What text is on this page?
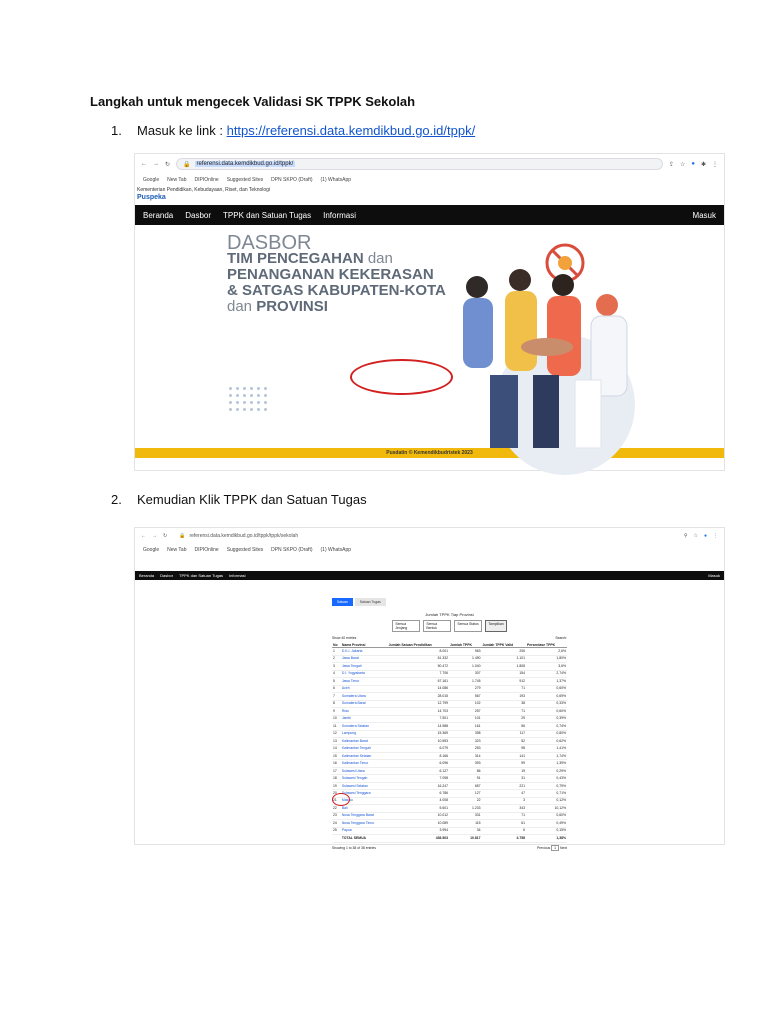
Langkah untuk mengecek Validasi SK TPPK Sekolah
1. Masuk ke link : https://referensi.data.kemdikbud.go.id/tppk/
← → ↻ 🔒	referensi.data.kemdikbud.go.id/tppk/	⇪ ☆ ● ✱ ⋮
Google New Tab DIPIOnline Suggested Sites DPN SKPO (Draft) (1) WhatsApp
Kementerian Pendidikan, Kebudayaan, Riset, dan Teknologi
Puspeka
Beranda Dasbor TPPK dan Satuan Tugas Informasi	Masuk
DASBOR
TIM PENCEGAHAN dan
PENANGANAN KEKERASAN
& SATGAS KABUPATEN-KOTA
dan PROVINSI
Pusdatin © Kemendikbudristek 2023
2. Kemudian Klik TPPK dan Satuan Tugas
← → ↻ 🔒 referensi.data.kemdikbud.go.id/tppk/tppk/sekolah	⚲ ☆ ● ⋮
Google New Tab DIPIOnline Suggested Sites DPN SKPO (Draft) (1) WhatsApp
Beranda Dasbor TPPK dan Satuan Tugas Informasi	Masuk
Satuan	Satuan Tugas
Jumlah TPPK Tiap Provinsi
Semua Jenjang
Semua Bentuk
Semua Status	Tampilkan
Show 40 entries	Search:
No	Nama Provinsi	Jumlah Satuan Pendidikan	Jumlah TPPK	Jumlah TPPK Valid	Persentase TPPK
1	D.K.I. Jakarta	8.001	963	206	2,6%
2	Jawa Barat	61.332	1.490	1.101	1,80%
3	Jawa Tengah	50.472	1.040	1.808	3,6%
4	D.I. Yogyakarta	7.706	307	154	2,74%
5	Jawa Timur	67.161	1.745	912	1,37%
6	Aceh	14.086	279	71	0,60%
7	Sumatera Utara	28.015	567	193	0,69%
8	Sumatera Barat	12.799	102	38	0,33%
9	Riau	14.703	257	71	0,60%
10	Jambi	7.501	101	29	0,39%
11	Sumatera Selatan	14.988	161	56	0,74%
12	Lampung	15.369	398	117	0,80%
13	Kalimantan Barat	10.553	323	52	0,62%
14	Kalimantan Tengah	6.079	253	98	1,41%
15	Kalimantan Selatan	8.166	314	141	1,74%
16	Kalimantan Timur	6.096	393	99	1,39%
17	Sulawesi Utara	6.127	86	19	0,29%
18	Sulawesi Tengah	7.098	91	31	0,43%
19	Sulawesi Selatan	16.247	657	221	0,79%
20	Sulawesi Tenggara	6.786	127	47	0,71%
21	Maluku	4.008	22	3	0,12%
22	Bali	5.601	1.233	343	10,12%
23	Nusa Tenggara Barat	10.012	331	71	0,60%
24	Nusa Tenggara Timur	10.089	115	61	0,49%
25	Papua	3.994	34	6	0,15%
	TOTAL SEMUA	436.503	10.817	4.758	1,38%
Showing 1 to 38 of 38 entries	Previous 1 Next
